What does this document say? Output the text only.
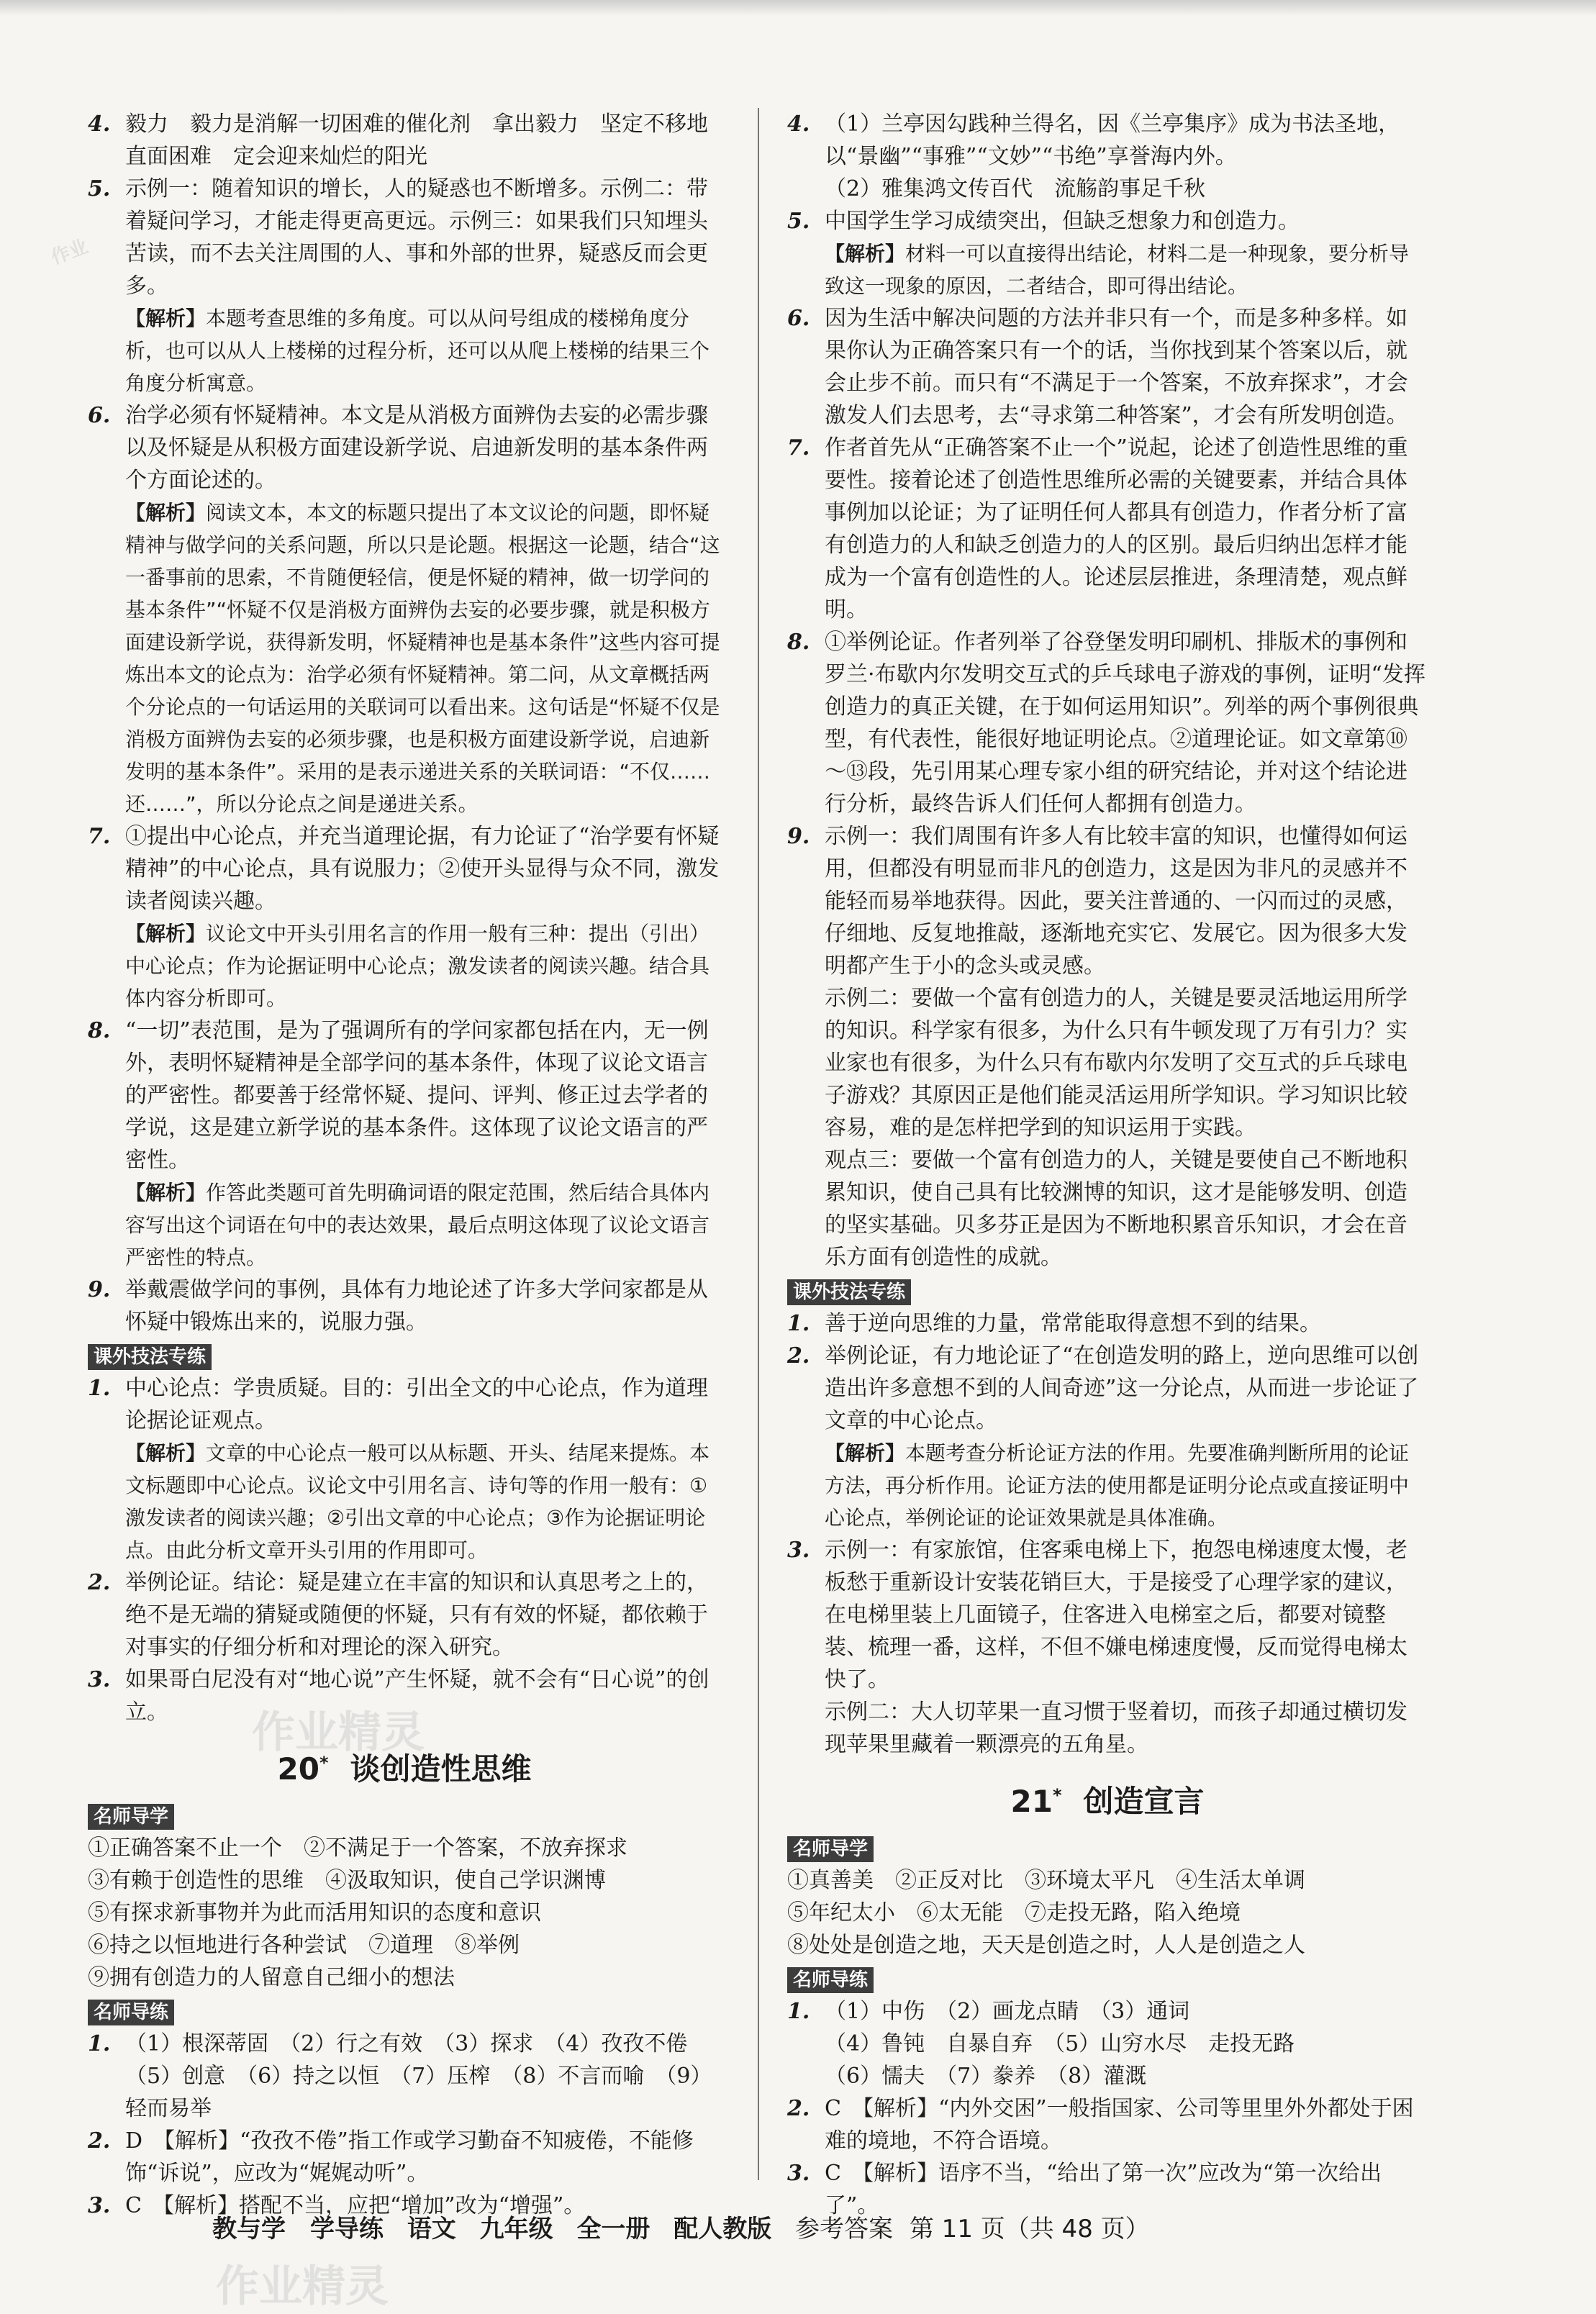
作业
作业精灵
作业精灵

4. 毅力　毅力是消解一切困难的催化剂　拿出毅力　坚定不移地直面困难　定会迎来灿烂的阳光

5. 示例一：随着知识的增长，人的疑惑也不断增多。示例二：带着疑问学习，才能走得更高更远。示例三：如果我们只知埋头苦读，而不去关注周围的人、事和外部的世界，疑惑反而会更多。

【解析】本题考查思维的多角度。可以从问号组成的楼梯角度分析，也可以从人上楼梯的过程分析，还可以从爬上楼梯的结果三个角度分析寓意。

6. 治学必须有怀疑精神。本文是从消极方面辨伪去妄的必需步骤以及怀疑是从积极方面建设新学说、启迪新发明的基本条件两个方面论述的。

【解析】阅读文本，本文的标题只提出了本文议论的问题，即怀疑精神与做学问的关系问题，所以只是论题。根据这一论题，结合“这一番事前的思索，不肯随便轻信，便是怀疑的精神，做一切学问的基本条件”“怀疑不仅是消极方面辨伪去妄的必要步骤，就是积极方面建设新学说，获得新发明，怀疑精神也是基本条件”这些内容可提炼出本文的论点为：治学必须有怀疑精神。第二问，从文章概括两个分论点的一句话运用的关联词可以看出来。这句话是“怀疑不仅是消极方面辨伪去妄的必须步骤，也是积极方面建设新学说，启迪新发明的基本条件”。采用的是表示递进关系的关联词语：“不仅……还……”，所以分论点之间是递进关系。

7. ①提出中心论点，并充当道理论据，有力论证了“治学要有怀疑精神”的中心论点，具有说服力；②使开头显得与众不同，激发读者阅读兴趣。

【解析】议论文中开头引用名言的作用一般有三种：提出（引出）中心论点；作为论据证明中心论点；激发读者的阅读兴趣。结合具体内容分析即可。

8. “一切”表范围，是为了强调所有的学问家都包括在内，无一例外，表明怀疑精神是全部学问的基本条件，体现了议论文语言的严密性。都要善于经常怀疑、提问、评判、修正过去学者的学说，这是建立新学说的基本条件。这体现了议论文语言的严密性。

【解析】作答此类题可首先明确词语的限定范围，然后结合具体内容写出这个词语在句中的表达效果，最后点明这体现了议论文语言严密性的特点。

9. 举戴震做学问的事例，具体有力地论述了许多大学问家都是从怀疑中锻炼出来的，说服力强。

课外技法专练

1. 中心论点：学贵质疑。目的：引出全文的中心论点，作为道理论据论证观点。

【解析】文章的中心论点一般可以从标题、开头、结尾来提炼。本文标题即中心论点。议论文中引用名言、诗句等的作用一般有：①激发读者的阅读兴趣；②引出文章的中心论点；③作为论据证明论点。由此分析文章开头引用的作用即可。

2. 举例论证。结论：疑是建立在丰富的知识和认真思考之上的，绝不是无端的猜疑或随便的怀疑，只有有效的怀疑，都依赖于对事实的仔细分析和对理论的深入研究。

3. 如果哥白尼没有对“地心说”产生怀疑，就不会有“日心说”的创立。

20* 谈创造性思维
名师导学

①正确答案不止一个　②不满足于一个答案，不放弃探求

③有赖于创造性的思维　④汲取知识，使自己学识渊博

⑤有探求新事物并为此而活用知识的态度和意识

⑥持之以恒地进行各种尝试　⑦道理　⑧举例

⑨拥有创造力的人留意自己细小的想法

名师导练

1. （1）根深蒂固　（2）行之有效　（3）探求　（4）孜孜不倦　（5）创意　（6）持之以恒　（7）压榨　（8）不言而喻　（9）轻而易举

2. D　【解析】“孜孜不倦”指工作或学习勤奋不知疲倦，不能修饰“诉说”，应改为“娓娓动听”。

3. C　【解析】搭配不当，应把“增加”改为“增强”。

4. （1）兰亭因勾践种兰得名，因《兰亭集序》成为书法圣地，以“景幽”“事雅”“文妙”“书绝”享誉海内外。

（2）雅集鸿文传百代　流觞韵事足千秋

5. 中国学生学习成绩突出，但缺乏想象力和创造力。

【解析】材料一可以直接得出结论，材料二是一种现象，要分析导致这一现象的原因，二者结合，即可得出结论。

6. 因为生活中解决问题的方法并非只有一个，而是多种多样。如果你认为正确答案只有一个的话，当你找到某个答案以后，就会止步不前。而只有“不满足于一个答案，不放弃探求”，才会激发人们去思考，去“寻求第二种答案”，才会有所发明创造。

7. 作者首先从“正确答案不止一个”说起，论述了创造性思维的重要性。接着论述了创造性思维所必需的关键要素，并结合具体事例加以论证；为了证明任何人都具有创造力，作者分析了富有创造力的人和缺乏创造力的人的区别。最后归纳出怎样才能成为一个富有创造性的人。论述层层推进，条理清楚，观点鲜明。

8. ①举例论证。作者列举了谷登堡发明印刷机、排版术的事例和罗兰·布歇内尔发明交互式的乒乓球电子游戏的事例，证明“发挥创造力的真正关键，在于如何运用知识”。列举的两个事例很典型，有代表性，能很好地证明论点。②道理论证。如文章第⑩～⑬段，先引用某心理专家小组的研究结论，并对这个结论进行分析，最终告诉人们任何人都拥有创造力。

9. 示例一：我们周围有许多人有比较丰富的知识，也懂得如何运用，但都没有明显而非凡的创造力，这是因为非凡的灵感并不能轻而易举地获得。因此，要关注普通的、一闪而过的灵感，仔细地、反复地推敲，逐渐地充实它、发展它。因为很多大发明都产生于小的念头或灵感。

示例二：要做一个富有创造力的人，关键是要灵活地运用所学的知识。科学家有很多，为什么只有牛顿发现了万有引力？实业家也有很多，为什么只有布歇内尔发明了交互式的乒乓球电子游戏？其原因正是他们能灵活运用所学知识。学习知识比较容易，难的是怎样把学到的知识运用于实践。

观点三：要做一个富有创造力的人，关键是要使自己不断地积累知识，使自己具有比较渊博的知识，这才是能够发明、创造的坚实基础。贝多芬正是因为不断地积累音乐知识，才会在音乐方面有创造性的成就。

课外技法专练

1. 善于逆向思维的力量，常常能取得意想不到的结果。

2. 举例论证，有力地论证了“在创造发明的路上，逆向思维可以创造出许多意想不到的人间奇迹”这一分论点，从而进一步论证了文章的中心论点。

【解析】本题考查分析论证方法的作用。先要准确判断所用的论证方法，再分析作用。论证方法的使用都是证明分论点或直接证明中心论点，举例论证的论证效果就是具体准确。

3. 示例一：有家旅馆，住客乘电梯上下，抱怨电梯速度太慢，老板愁于重新设计安装花销巨大，于是接受了心理学家的建议，在电梯里装上几面镜子，住客进入电梯室之后，都要对镜整装、梳理一番，这样，不但不嫌电梯速度慢，反而觉得电梯太快了。

示例二：大人切苹果一直习惯于竖着切，而孩子却通过横切发现苹果里藏着一颗漂亮的五角星。

21* 创造宣言
名师导学

①真善美　②正反对比　③环境太平凡　④生活太单调

⑤年纪太小　⑥太无能　⑦走投无路，陷入绝境

⑧处处是创造之地，天天是创造之时，人人是创造之人

名师导练

1. （1）中伤　（2）画龙点睛　（3）通词

（4）鲁钝　自暴自弃　（5）山穷水尽　走投无路

（6）懦夫　（7）豢养　（8）灌溉

2. C　【解析】“内外交困”一般指国家、公司等里里外外都处于困难的境地，不符合语境。

3. C　【解析】语序不当，“给出了第一次”应改为“第一次给出了”。

教与学　学导练 语文 九年级 全一册 配人教版 参考答案 第 11 页（共 48 页）
